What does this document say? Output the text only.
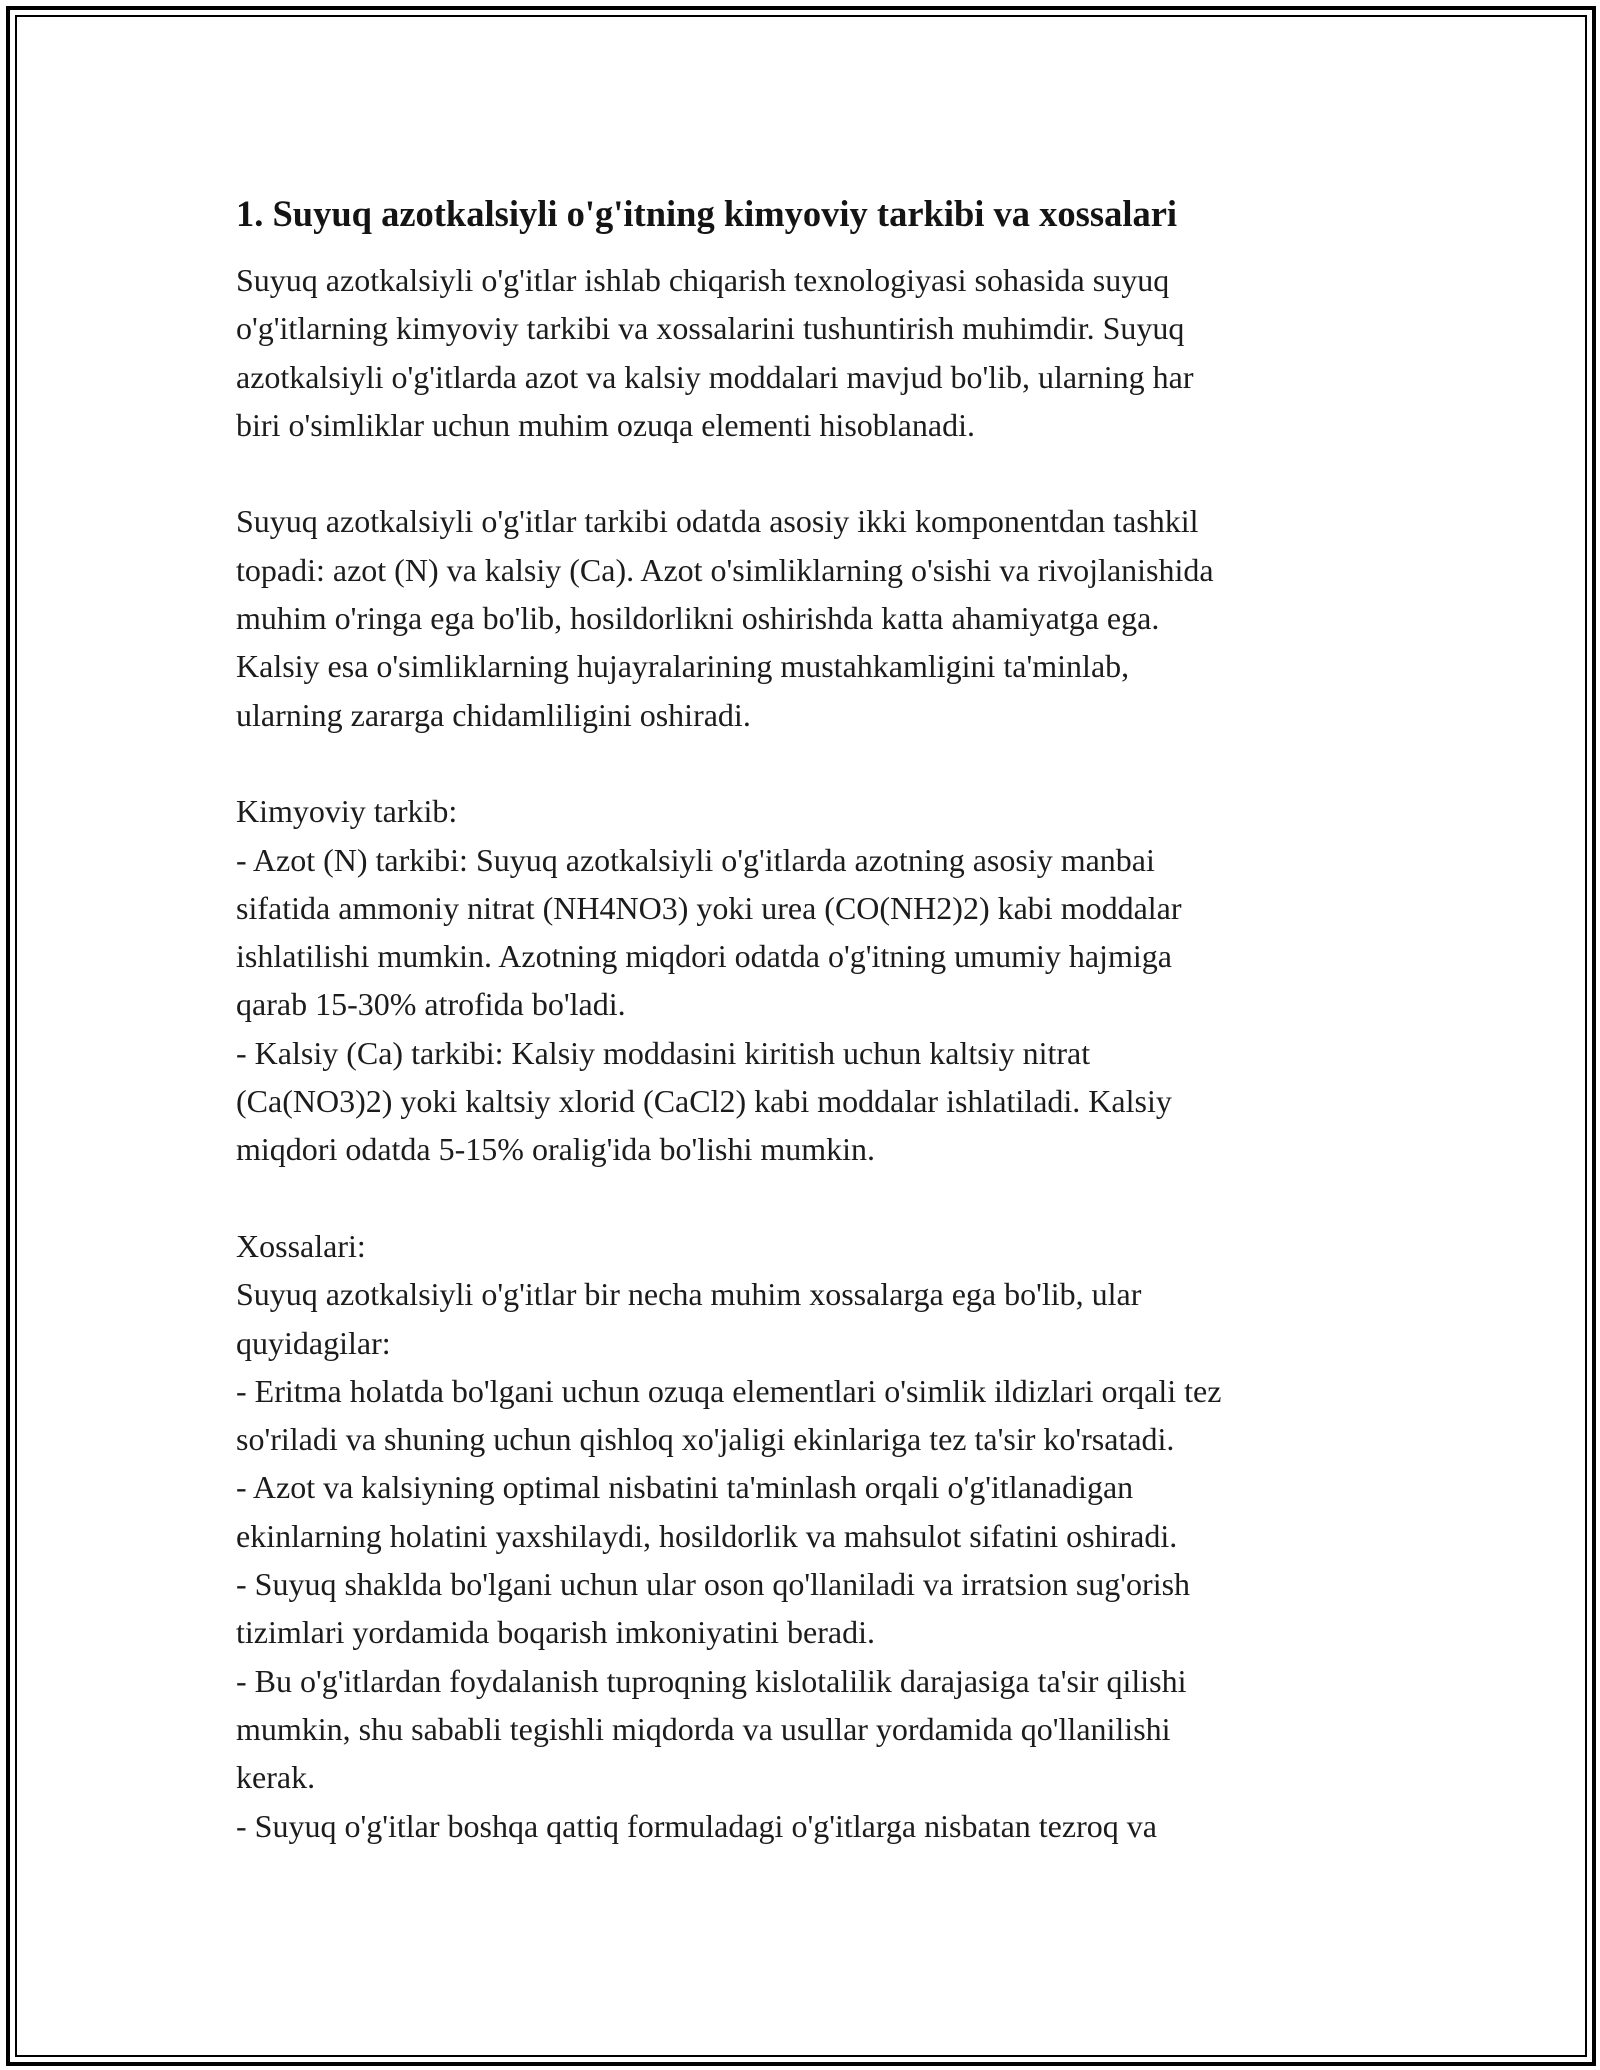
1. Suyuq azotkalsiyli o'g'itning kimyoviy tarkibi va xossalari
Suyuq azotkalsiyli o'g'itlar ishlab chiqarish texnologiyasi sohasida suyuq
o'g'itlarning kimyoviy tarkibi va xossalarini tushuntirish muhimdir. Suyuq
azotkalsiyli o'g'itlarda azot va kalsiy moddalari mavjud bo'lib, ularning har
biri o'simliklar uchun muhim ozuqa elementi hisoblanadi.
Suyuq azotkalsiyli o'g'itlar tarkibi odatda asosiy ikki komponentdan tashkil
topadi: azot (N) va kalsiy (Ca). Azot o'simliklarning o'sishi va rivojlanishida
muhim o'ringa ega bo'lib, hosildorlikni oshirishda katta ahamiyatga ega.
Kalsiy esa o'simliklarning hujayralarining mustahkamligini ta'minlab,
ularning zararga chidamliligini oshiradi.
Kimyoviy tarkib:
- Azot (N) tarkibi: Suyuq azotkalsiyli o'g'itlarda azotning asosiy manbai
sifatida ammoniy nitrat (NH4NO3) yoki urea (CO(NH2)2) kabi moddalar
ishlatilishi mumkin. Azotning miqdori odatda o'g'itning umumiy hajmiga
qarab 15-30% atrofida bo'ladi.
- Kalsiy (Ca) tarkibi: Kalsiy moddasini kiritish uchun kaltsiy nitrat
(Ca(NO3)2) yoki kaltsiy xlorid (CaCl2) kabi moddalar ishlatiladi. Kalsiy
miqdori odatda 5-15% oralig'ida bo'lishi mumkin.
Xossalari:
Suyuq azotkalsiyli o'g'itlar bir necha muhim xossalarga ega bo'lib, ular
quyidagilar:
- Eritma holatda bo'lgani uchun ozuqa elementlari o'simlik ildizlari orqali tez
so'riladi va shuning uchun qishloq xo'jaligi ekinlariga tez ta'sir ko'rsatadi.
- Azot va kalsiyning optimal nisbatini ta'minlash orqali o'g'itlanadigan
ekinlarning holatini yaxshilaydi, hosildorlik va mahsulot sifatini oshiradi.
- Suyuq shaklda bo'lgani uchun ular oson qo'llaniladi va irratsion sug'orish
tizimlari yordamida boqarish imkoniyatini beradi.
- Bu o'g'itlardan foydalanish tuproqning kislotalilik darajasiga ta'sir qilishi
mumkin, shu sababli tegishli miqdorda va usullar yordamida qo'llanilishi
kerak.
- Suyuq o'g'itlar boshqa qattiq formuladagi o'g'itlarga nisbatan tezroq va
